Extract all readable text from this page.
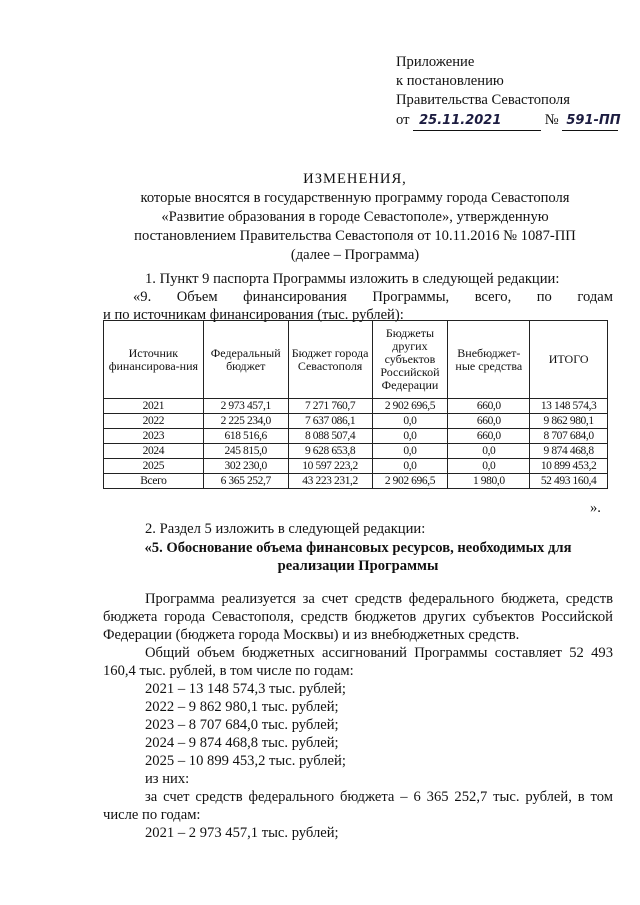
Приложение
к постановлению
Правительства Севастополя
от 25.11.2021	№ 591-ПП
ИЗМЕНЕНИЯ,
которые вносятся в государственную программу города Севастополя
«Развитие образования в городе Севастополе», утвержденную
постановлением Правительства Севастополя от 10.11.2016 № 1087-ПП
(далее – Программа)
1. Пункт 9 паспорта Программы изложить в следующей редакции:
«9. Объем финансирования Программы, всего, по годам
и по источникам финансирования (тыс. рублей):
Источник финансирова-ния	Федеральный бюджет	Бюджет города Севастополя	Бюджеты других субъектов Российской Федерации	Внебюджет-ные средства	ИТОГО
2021	2 973 457,1	7 271 760,7	2 902 696,5	660,0	13 148 574,3
2022	2 225 234,0	7 637 086,1	0,0	660,0	9 862 980,1
2023	618 516,6	8 088 507,4	0,0	660,0	8 707 684,0
2024	245 815,0	9 628 653,8	0,0	0,0	9 874 468,8
2025	302 230,0	10 597 223,2	0,0	0,0	10 899 453,2
Всего	6 365 252,7	43 223 231,2	2 902 696,5	1 980,0	52 493 160,4
».
2. Раздел 5 изложить в следующей редакции:
«5. Обоснование объема финансовых ресурсов, необходимых для
реализации Программы

Программа реализуется за счет средств федерального бюджета, средств бюджета города Севастополя, средств бюджетов других субъектов Российской Федерации (бюджета города Москвы) и из внебюджетных средств.

Общий объем бюджетных ассигнований Программы составляет 52 493 160,4 тыс. рублей, в том числе по годам:

2021 – 13 148 574,3 тыс. рублей;
2022 – 9 862 980,1 тыс. рублей;
2023 – 8 707 684,0 тыс. рублей;
2024 – 9 874 468,8 тыс. рублей;
2025 – 10 899 453,2 тыс. рублей;
из них:

за счет средств федерального бюджета – 6 365 252,7 тыс. рублей, в том числе по годам:

2021 – 2 973 457,1 тыс. рублей;
